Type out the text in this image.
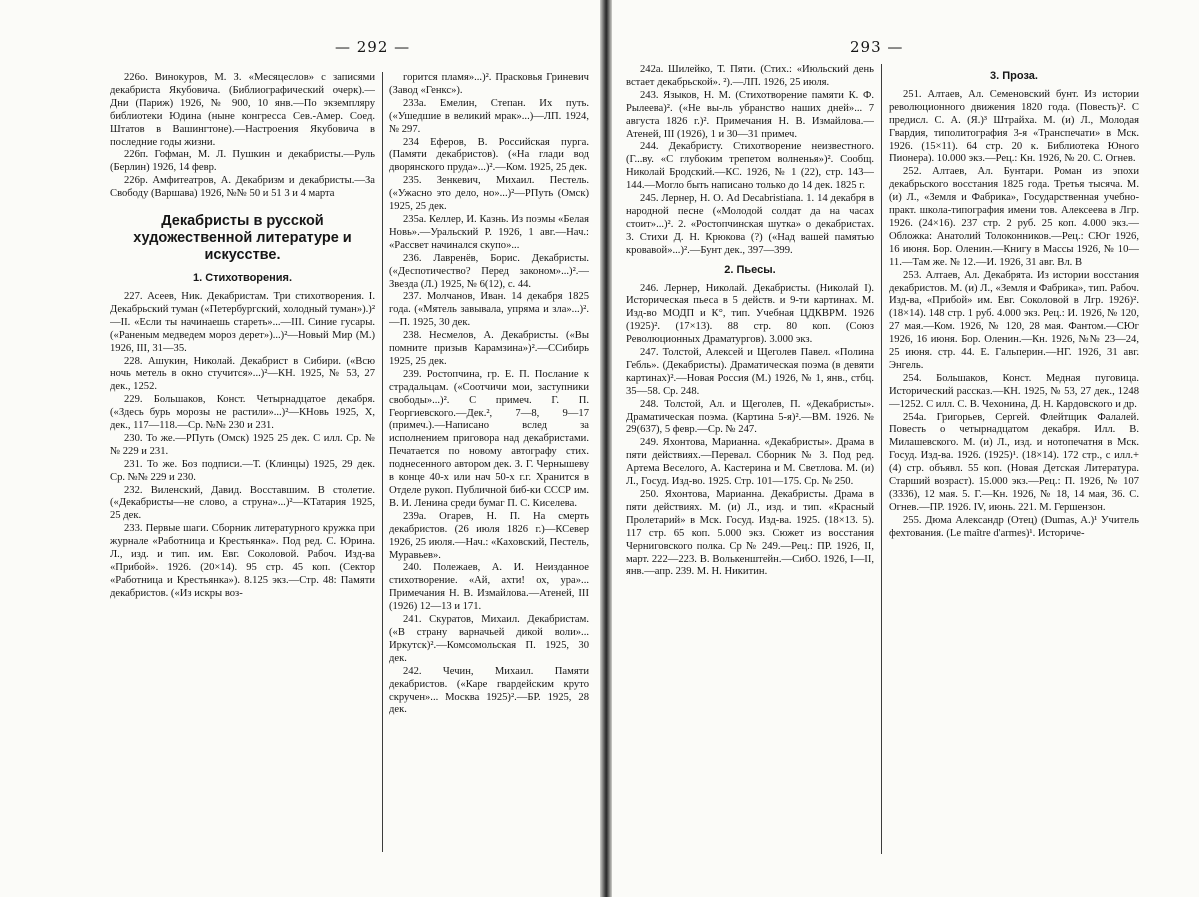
— 292 —

226о. Винокуров, М. З. «Месяцеслов» с записями декабриста Якубовича. (Библиографический очерк).—Дни (Париж) 1926, № 900, 10 янв.—По экземпляру библиотеки Юдина (ныне конгресса Сев.-Амер. Соед. Штатов в Вашингтоне).—Настроения Якубовича в последние годы жизни.

226п. Гофман, М. Л. Пушкин и декабристы.—Руль (Берлин) 1926, 14 февр.

226р. Амфитеатров, А. Декабризм и декабристы.—За Свободу (Варшава) 1926, №№ 50 и 51 3 и 4 марта

Декабристы в русской художественной литературе и искусстве.
1. Стихотворения.

227. Асеев, Ник. Декабристам. Три стихотворения. I. Декабрьский туман («Петербургский, холодный туман»).)²—II. «Если ты начинаешь стареть»...—III. Синие гусары. («Раненым медведем мороз дерет»)...)²—Новый Мир (М.) 1926, III, 31—35.

228. Ашукин, Николай. Декабрист в Сибири. («Всю ночь метель в окно стучится»...)²—КН. 1925, № 53, 27 дек., 1252.

229. Большаков, Конст. Четырнадцатое декабря. («Здесь бурь морозы не растили»...)²—КНовь 1925, X, дек., 117—118.—Ср. №№ 230 и 231.

230. То же.—РПуть (Омск) 1925 25 дек. С илл. Ср. №№ 229 и 231.

231. То же. Боз подписи.—Т. (Клинцы) 1925, 29 дек. Ср. №№ 229 и 230.

232. Виленский, Давид. Восставшим. В столетие. («Декабристы—не слово, а струна»...)²—КТатария 1925, 25 дек.

233. Первые шаги. Сборник литературного кружка при журнале «Работница и Крестьянка». Под ред. С. Юрина. Л., изд. и тип. им. Евг. Соколовой. Рабоч. Изд-ва «Прибой». 1926. (20×14). 95 стр. 45 коп. (Сектор «Работница и Крестьянка»). 8.125 экз.—Стр. 48: Памяти декабристов. («Из искры воз-

горится пламя»...)². Прасковья Гриневич (Завод «Генкс»).

233а. Емелин, Степан. Их путь. («Ушедшие в великий мрак»...)—ЛП. 1924, № 297.

234 Еферов, В. Российская пурга. (Памяти декабристов). («На глади вод дворянского пруда»...)².—Ком. 1925, 25 дек.

235. Зенкевич, Михаил. Пестель. («Ужасно это дело, но»...)²—РПуть (Омск) 1925, 25 дек.

235а. Келлер, И. Казнь. Из поэмы «Белая Новь».—Уральский Р. 1926, 1 авг.—Нач.: «Рассвет начинался скупо»...

236. Лавренёв, Борис. Декабристы. («Деспотичество? Перед законом»...)².—Звезда (Л.) 1925, № 6(12), с. 44.

237. Молчанов, Иван. 14 декабря 1825 года. («Мятель завывала, упряма и зла»...)².—П. 1925, 30 дек.

238. Несмелов, А. Декабристы. («Вы помните призыв Карамзина»)².—ССибирь 1925, 25 дек.

239. Ростопчина, гр. Е. П. Послание к страдальцам. («Соотчичи мои, заступники свободы»...)². С примеч. Г. П. Георгиевского.—Дек.², 7—8, 9—17 (примеч.).—Написано вслед за исполнением приговора над декабристами. Печатается по новому автографу стих. поднесенного автором дек. З. Г. Чернышеву в конце 40-х или нач 50-х г.г. Хранится в Отделе рукоп. Публичной биб-ки СССР им. В. И. Ленина среди бумаг П. С. Киселева.

239а. Огарев, Н. П. На смерть декабристов. (26 июля 1826 г.)—КСевер 1926, 25 июля.—Нач.: «Каховский, Пестель, Муравьев».

240. Полежаев, А. И. Неизданное стихотворение. «Ай, ахти! ох, ура»... Примечания Н. В. Измайлова.—Атеней, III (1926) 12—13 и 171.

241. Скуратов, Михаил. Декабристам. («В страну варначьей дикой воли»... Иркутск)².—Комсомольская П. 1925, 30 дек.

242. Чечин, Михаил. Памяти декабристов. («Каре гвардейским круто скручен»... Москва 1925)².—БР. 1925, 28 дек.

293 —

242а. Шилейко, Т. Пяти. (Стих.: «Июльский день встает декабрьской». ²).—ЛП. 1926, 25 июля.

243. Языков, Н. М. (Стихотворение памяти К. Ф. Рылеева)². («Не вы-ль убранство наших дней»... 7 августа 1826 г.)². Примечания Н. В. Измайлова.—Атеней, III (1926), 1 и 30—31 примеч.

244. Декабристу. Стихотворение неизвестного. (Г...ву. «С глубоким трепетом волненья»)². Сообщ. Николай Бродский.—КС. 1926, № 1 (22), стр. 143—144.—Могло быть написано только до 14 дек. 1825 г.

245. Лернер, Н. О. Ad Decabristiana. 1. 14 декабря в народной песне («Молодой солдат да на часах стоит»...)². 2. «Ростопчинская шутка» о декабристах. 3. Стихи Д. Н. Крюкова (?) («Над вашей памятью кровавой»...)².—Бунт дек., 397—399.

2. Пьесы.

246. Лернер, Николай. Декабристы. (Николай I). Историческая пьеса в 5 действ. и 9-ти картинах. М. Изд-во МОДП и К°, тип. Учебная ЦДКВРМ. 1926 (1925)². (17×13). 88 стр. 80 коп. (Союз Революционных Драматургов). 3.000 экз.

247. Толстой, Алексей и Щеголев Павел. «Полина Гебль». (Декабристы). Драматическая поэма (в девяти картинах)².—Новая Россия (М.) 1926, № 1, янв., стбц. 35—58. Ср. 248.

248. Толстой, Ал. и Щеголев, П. «Декабристы». Драматическая поэма. (Картина 5-я)².—ВМ. 1926. № 29(637), 5 февр.—Ср. № 247.

249. Яхонтова, Марианна. «Декабристы». Драма в пяти действиях.—Перевал. Сборник № 3. Под ред. Артема Веселого, А. Кастерина и М. Светлова. М. (и) Л., Госуд. Изд-во. 1925. Стр. 101—175. Ср. № 250.

250. Яхонтова, Марианна. Декабристы. Драма в пяти действиях. М. (и) Л., изд. и тип. «Красный Пролетарий» в Мск. Госуд. Изд-ва. 1925. (18×13. 5). 117 стр. 65 коп. 5.000 экз. Сюжет из восстания Черниговского полка. Ср № 249.—Рец.: ПР. 1926, II, март. 222—223. В. Волькенштейн.—СибО. 1926, I—II, янв.—апр. 239. М. Н. Никитин.

3. Проза.

251. Алтаев, Ал. Семеновский бунт. Из истории революционного движения 1820 года. (Повесть)². С предисл. С. А. (Я.)³ Штрайха. М. (и) Л., Молодая Гвардия, типолитография 3-я «Транспечати» в Мск. 1926. (15×11). 64 стр. 20 к. Библиотека Юного Пионера). 10.000 экз.—Рец.: Кн. 1926, № 20. С. Огнев.

252. Алтаев, Ал. Бунтари. Роман из эпохи декабрьского восстания 1825 года. Третья тысяча. М. (и) Л., «Земля и Фабрика», Государственная учебно-практ. школа-типография имени тов. Алексеева в Лгр. 1926. (24×16). 237 стр. 2 руб. 25 коп. 4.000 экз.—Обложка: Анатолий Толоконников.—Рец.: СЮг 1926, 16 июня. Бор. Оленин.—Книгу в Массы 1926, № 10—11.—Там же. № 12.—И. 1926, 31 авг. Вл. В

253. Алтаев, Ал. Декабрята. Из истории восстания декабристов. М. (и) Л., «Земля и Фабрика», тип. Рабоч. Изд-ва, «Прибой» им. Евг. Соколовой в Лгр. 1926)². (18×14). 148 стр. 1 руб. 4.000 экз. Рец.: И. 1926, № 120, 27 мая.—Ком. 1926, № 120, 28 мая. Фантом.—СЮг 1926, 16 июня. Бор. Оленин.—Кн. 1926, №№ 23—24, 25 июня. стр. 44. Е. Гальперин.—НГ. 1926, 31 авг. Энгель.

254. Большаков, Конст. Медная пуговица. Исторический рассказ.—КН. 1925, № 53, 27 дек., 1248—1252. С илл. С. В. Чехонина, Д. Н. Кардовского и др.

254а. Григорьев, Сергей. Флейтщик Фалалей. Повесть о четырнадцатом декабря. Илл. В. Милашевского. М. (и) Л., изд. и нотопечатня в Мск. Госуд. Изд-ва. 1926. (1925)¹. (18×14). 172 стр., с илл.+ (4) стр. объявл. 55 коп. (Новая Детская Литература. Старший возраст). 15.000 экз.—Рец.: П. 1926, № 107 (3336), 12 мая. 5. Г.—Кн. 1926, № 18, 14 мая, 36. С. Огнев.—ПР. 1926. IV, июнь. 221. М. Гершензон.

255. Дюма Александр (Отец) (Dumas, A.)¹ Учитель фехтования. (Le maître d'armes)¹. Историче-
